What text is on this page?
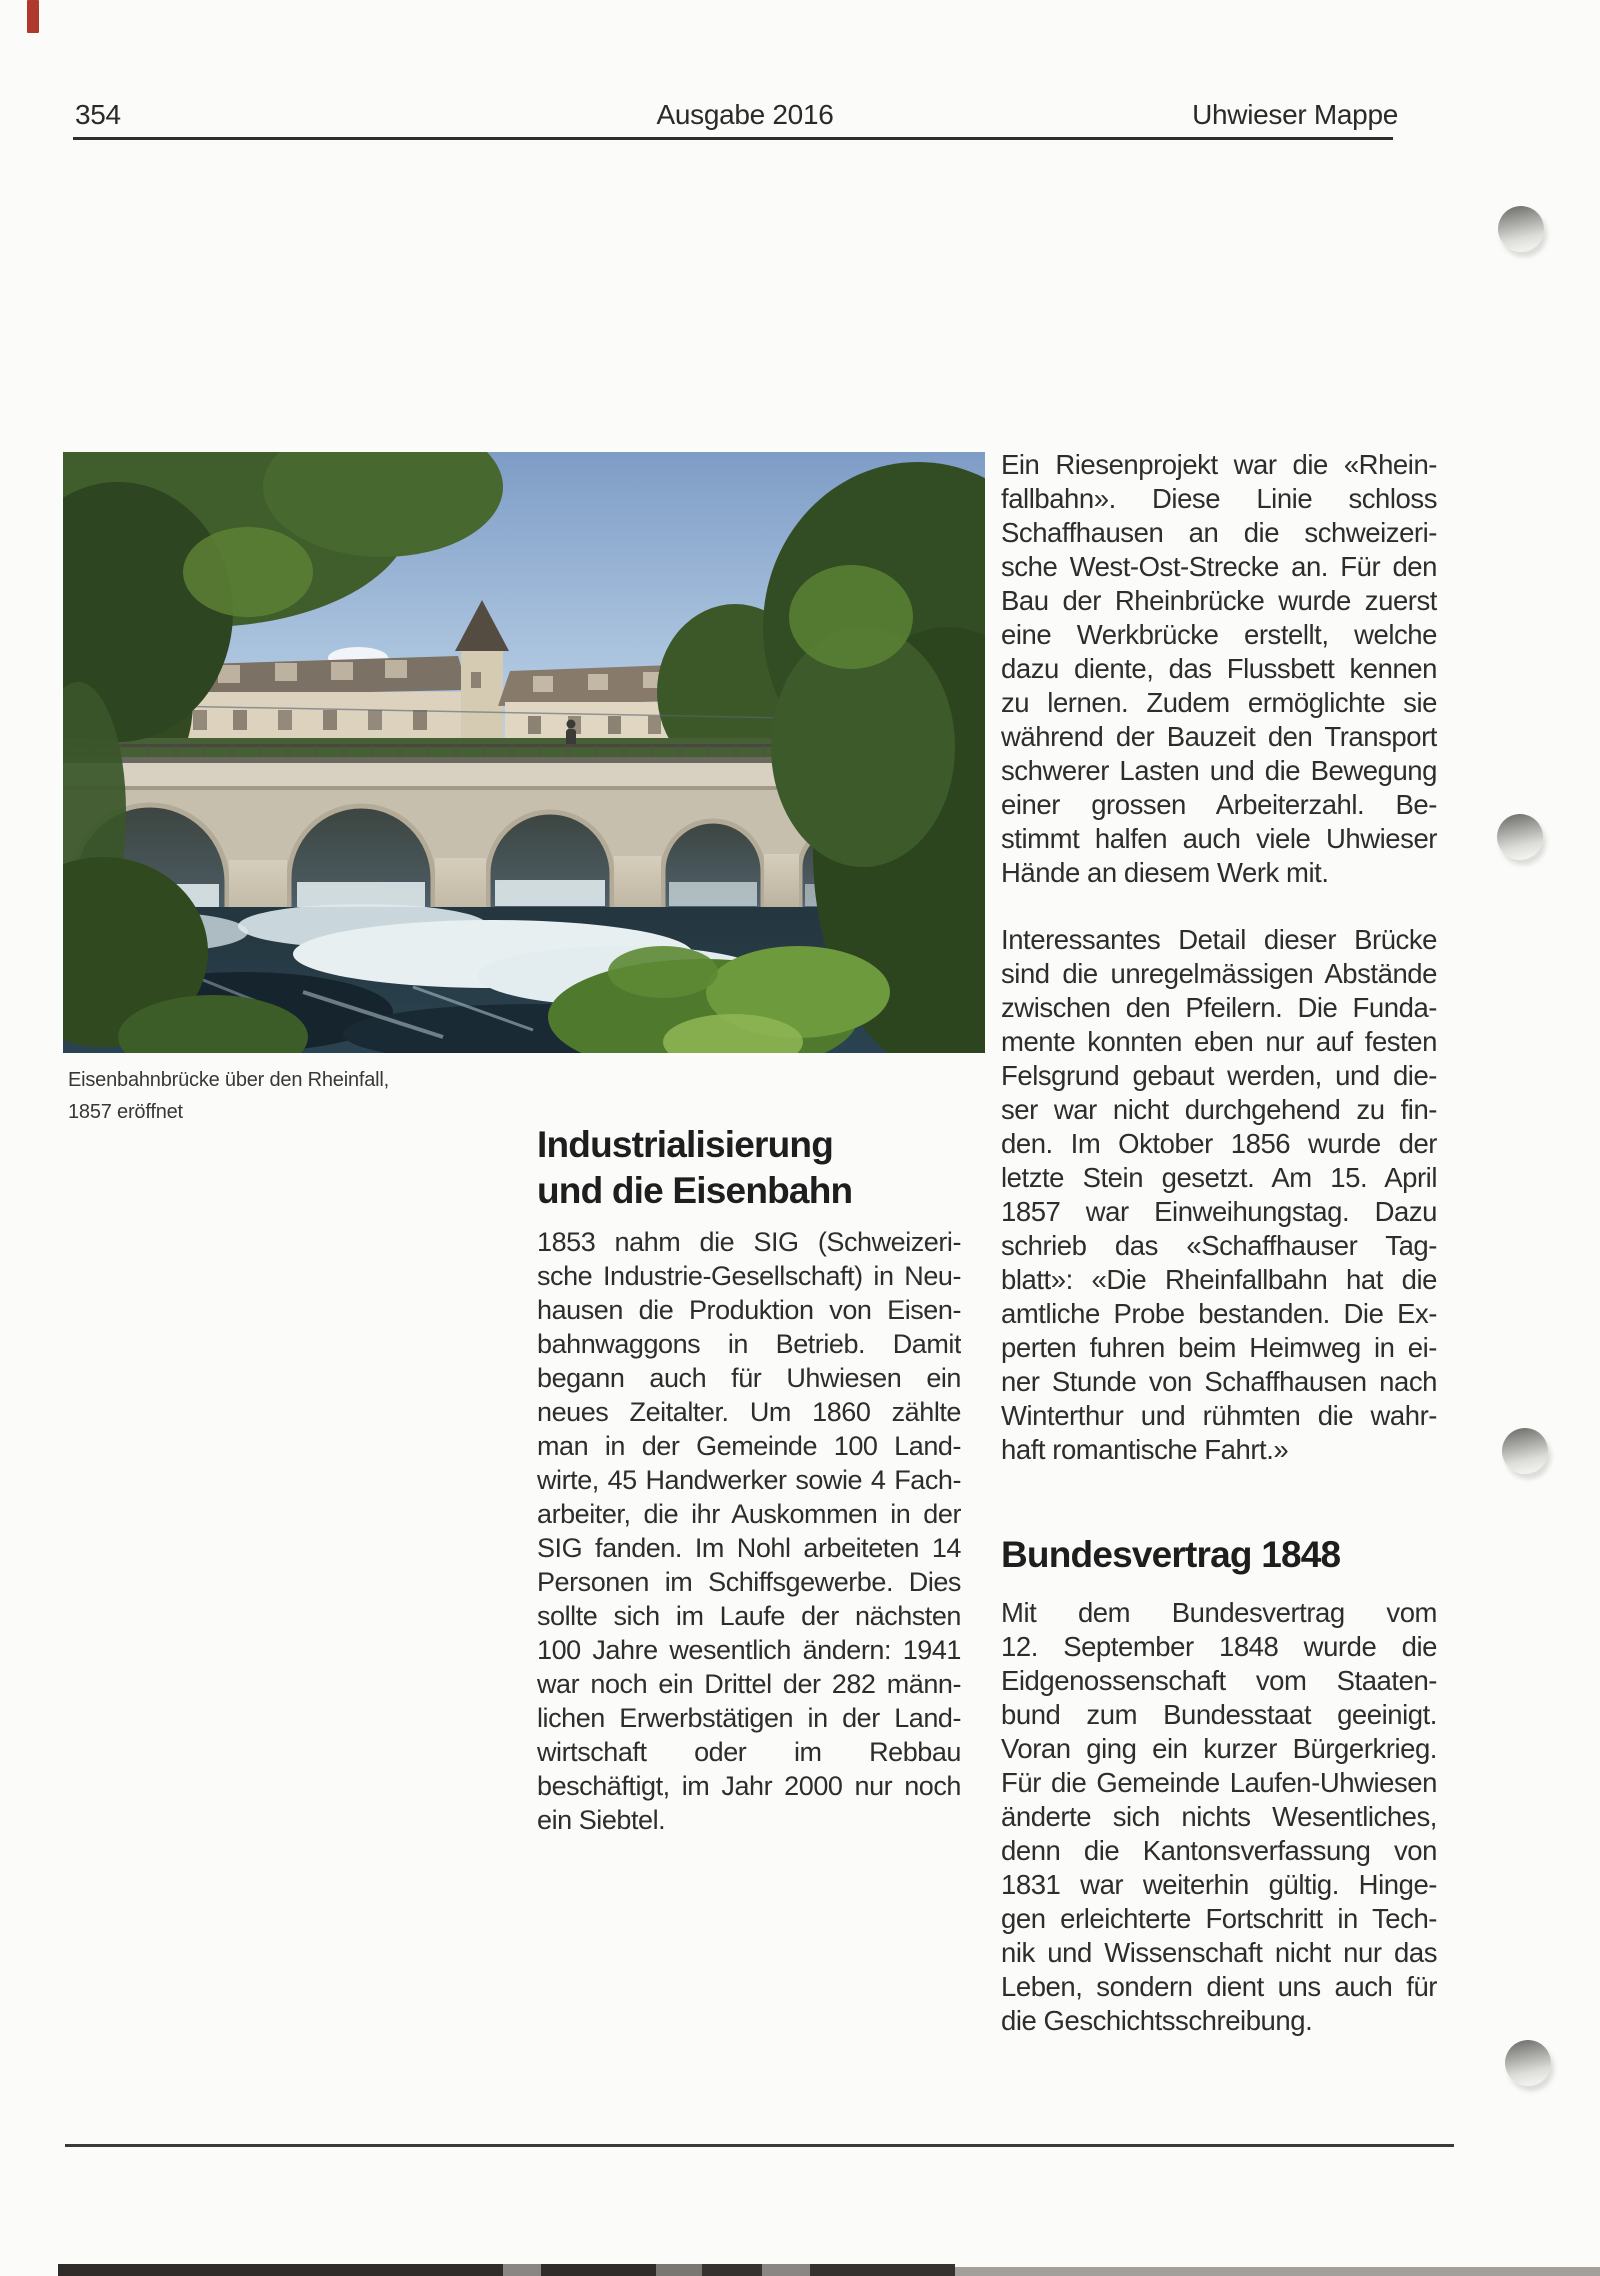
354	Ausgabe 2016	Uhwieser Mappe
Eisenbahnbrücke über den Rheinfall,
1857 eröffnet
Industrialisierung
und die Eisenbahn
1853 nahm die SIG (Schweizeri-
sche Industrie-Gesellschaft) in Neu-
hausen die Produktion von Eisen-
bahnwaggons in Betrieb. Damit
begann auch für Uhwiesen ein
neues Zeitalter. Um 1860 zählte
man in der Gemeinde 100 Land-
wirte, 45 Handwerker sowie 4 Fach-
arbeiter, die ihr Auskommen in der
SIG fanden. Im Nohl arbeiteten 14
Personen im Schiffsgewerbe. Dies
sollte sich im Laufe der nächsten
100 Jahre wesentlich ändern: 1941
war noch ein Drittel der 282 männ-
lichen Erwerbstätigen in der Land-
wirtschaft oder im Rebbau
beschäftigt, im Jahr 2000 nur noch
ein Siebtel.
Ein Riesenprojekt war die «Rhein-
fallbahn». Diese Linie schloss
Schaffhausen an die schweizeri-
sche West-Ost-Strecke an. Für den
Bau der Rheinbrücke wurde zuerst
eine Werkbrücke erstellt, welche
dazu diente, das Flussbett kennen
zu lernen. Zudem ermöglichte sie
während der Bauzeit den Transport
schwerer Lasten und die Bewegung
einer grossen Arbeiterzahl. Be-
stimmt halfen auch viele Uhwieser
Hände an diesem Werk mit.
Interessantes Detail dieser Brücke
sind die unregelmässigen Abstände
zwischen den Pfeilern. Die Funda-
mente konnten eben nur auf festen
Felsgrund gebaut werden, und die-
ser war nicht durchgehend zu fin-
den. Im Oktober 1856 wurde der
letzte Stein gesetzt. Am 15. April
1857 war Einweihungstag. Dazu
schrieb das «Schaffhauser Tag-
blatt»: «Die Rheinfallbahn hat die
amtliche Probe bestanden. Die Ex-
perten fuhren beim Heimweg in ei-
ner Stunde von Schaffhausen nach
Winterthur und rühmten die wahr-
haft romantische Fahrt.»
Bundesvertrag 1848
Mit dem Bundesvertrag vom
12. September 1848 wurde die
Eidgenossenschaft vom Staaten-
bund zum Bundesstaat geeinigt.
Voran ging ein kurzer Bürgerkrieg.
Für die Gemeinde Laufen-Uhwiesen
änderte sich nichts Wesentliches,
denn die Kantonsverfassung von
1831 war weiterhin gültig. Hinge-
gen erleichterte Fortschritt in Tech-
nik und Wissenschaft nicht nur das
Leben, sondern dient uns auch für
die Geschichtsschreibung.
